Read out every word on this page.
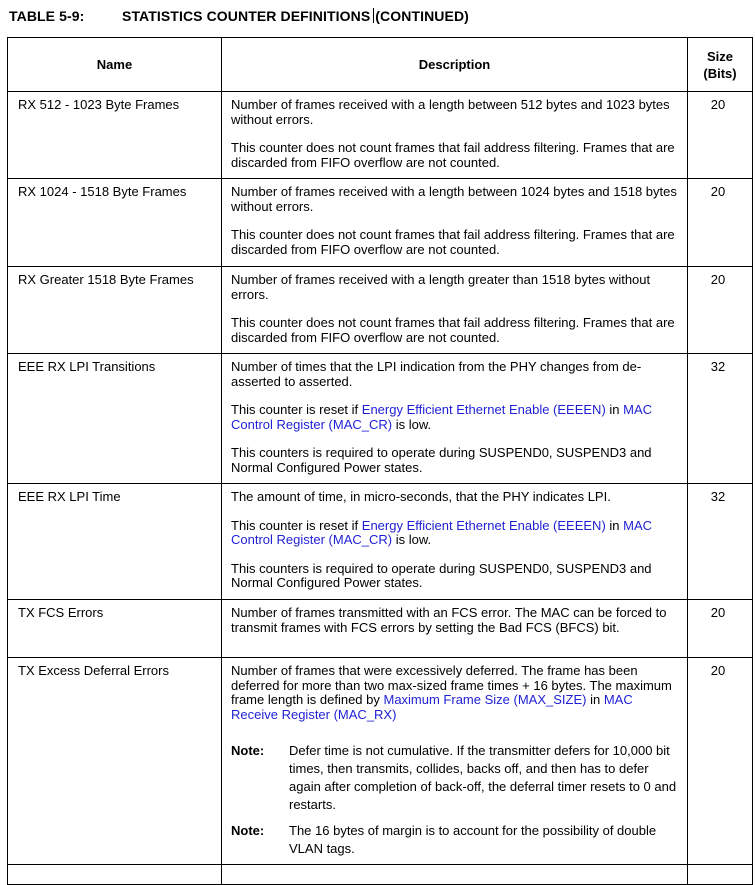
TABLE 5-9:	STATISTICS COUNTER DEFINITIONS (CONTINUED)
Name	Description	Size
(Bits)
RX 512 - 1023 Byte Frames	Number of frames received with a length between 512 bytes and 1023 bytes without errors.
This counter does not count frames that fail address filtering. Frames that are discarded from FIFO overflow are not counted.	20
RX 1024 - 1518 Byte Frames	Number of frames received with a length between 1024 bytes and 1518 bytes without errors.
This counter does not count frames that fail address filtering. Frames that are discarded from FIFO overflow are not counted.	20
RX Greater 1518 Byte Frames	Number of frames received with a length greater than 1518 bytes without errors.
This counter does not count frames that fail address filtering. Frames that are discarded from FIFO overflow are not counted.	20
EEE RX LPI Transitions	Number of times that the LPI indication from the PHY changes from de-asserted to asserted.
This counter is reset if Energy Efficient Ethernet Enable (EEEEN) in MAC Control Register (MAC_CR) is low.
This counters is required to operate during SUSPEND0, SUSPEND3 and Normal Configured Power states.	32
EEE RX LPI Time	The amount of time, in micro-seconds, that the PHY indicates LPI.
This counter is reset if Energy Efficient Ethernet Enable (EEEEN) in MAC Control Register (MAC_CR) is low.
This counters is required to operate during SUSPEND0, SUSPEND3 and Normal Configured Power states.	32
TX FCS Errors	Number of frames transmitted with an FCS error. The MAC can be forced to transmit frames with FCS errors by setting the Bad FCS (BFCS) bit.	20
TX Excess Deferral Errors	Number of frames that were excessively deferred. The frame has been deferred for more than two max-sized frame times + 16 bytes. The maximum frame length is defined by Maximum Frame Size (MAX_SIZE) in MAC Receive Register (MAC_RX)
Note: Defer time is not cumulative. If the transmitter defers for 10,000 bit times, then transmits, collides, backs off, and then has to defer again after completion of back-off, the deferral timer resets to 0 and restarts.
Note: The 16 bytes of margin is to account for the possibility of double VLAN tags.	20
